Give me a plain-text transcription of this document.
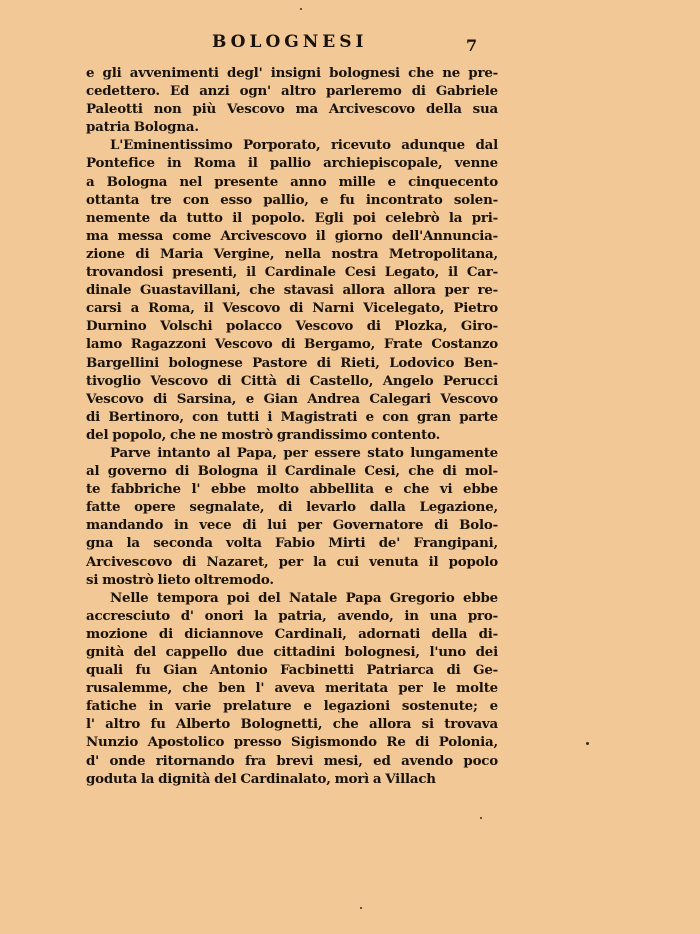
BOLOGNESI	7
e gli avvenimenti degl' insigni bolognesi che ne pre-
cedettero. Ed anzi ogn' altro parleremo di Gabriele
Paleotti non più Vescovo ma Arcivescovo della sua
patria Bologna.
L'Eminentissimo Porporato, ricevuto adunque dal
Pontefice in Roma il pallio archiepiscopale, venne
a Bologna nel presente anno mille e cinquecento
ottanta tre con esso pallio, e fu incontrato solen-
nemente da tutto il popolo. Egli poi celebrò la pri-
ma messa come Arcivescovo il giorno dell'Annuncia-
zione di Maria Vergine, nella nostra Metropolitana,
trovandosi presenti, il Cardinale Cesi Legato, il Car-
dinale Guastavillani, che stavasi allora allora per re-
carsi a Roma, il Vescovo di Narni Vicelegato, Pietro
Durnino Volschi polacco Vescovo di Plozka, Giro-
lamo Ragazzoni Vescovo di Bergamo, Frate Costanzo
Bargellini bolognese Pastore di Rieti, Lodovico Ben-
tivoglio Vescovo di Città di Castello, Angelo Perucci
Vescovo di Sarsina, e Gian Andrea Calegari Vescovo
di Bertinoro, con tutti i Magistrati e con gran parte
del popolo, che ne mostrò grandissimo contento.
Parve intanto al Papa, per essere stato lungamente
al governo di Bologna il Cardinale Cesi, che di mol-
te fabbriche l' ebbe molto abbellita e che vi ebbe
fatte opere segnalate, di levarlo dalla Legazione,
mandando in vece di lui per Governatore di Bolo-
gna la seconda volta Fabio Mirti de' Frangipani,
Arcivescovo di Nazaret, per la cui venuta il popolo
si mostrò lieto oltremodo.
Nelle tempora poi del Natale Papa Gregorio ebbe
accresciuto d' onori la patria, avendo, in una pro-
mozione di diciannove Cardinali, adornati della di-
gnità del cappello due cittadini bolognesi, l'uno dei
quali fu Gian Antonio Facbinetti Patriarca di Ge-
rusalemme, che ben l' aveva meritata per le molte
fatiche in varie prelature e legazioni sostenute; e
l' altro fu Alberto Bolognetti, che allora si trovava
Nunzio Apostolico presso Sigismondo Re di Polonia,
d' onde ritornando fra brevi mesi, ed avendo poco
goduta la dignità del Cardinalato, morì a Villach
